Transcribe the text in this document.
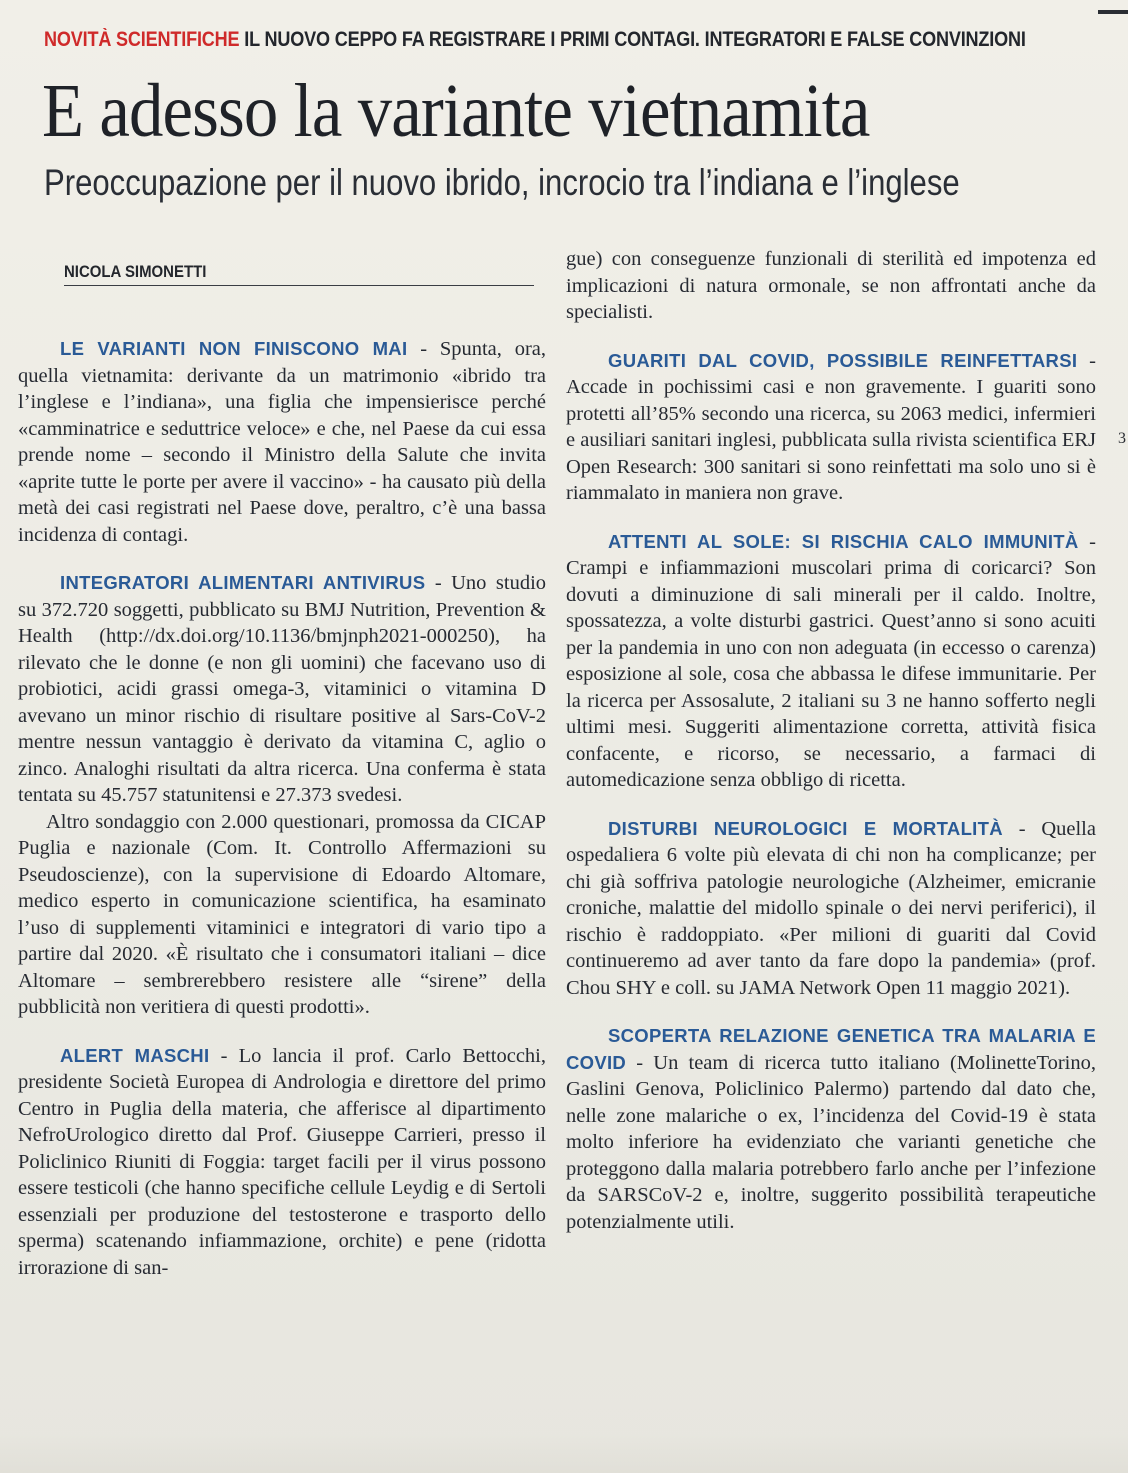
NOVITÀ SCIENTIFICHE IL NUOVO CEPPO FA REGISTRARE I PRIMI CONTAGI. INTEGRATORI E FALSE CONVINZIONI
E adesso la variante vietnamita
Preoccupazione per il nuovo ibrido, incrocio tra l’indiana e l’inglese
NICOLA SIMONETTI
3

LE VARIANTI NON FINISCONO MAI - Spunta, ora, quella vietnamita: derivante da un matrimonio «ibrido tra l’inglese e l’indiana», una figlia che impensierisce perché «camminatrice e seduttrice veloce» e che, nel Paese da cui essa prende nome – secondo il Ministro della Salute che invita «aprite tutte le porte per avere il vaccino» - ha causato più della metà dei casi registrati nel Paese dove, peraltro, c’è una bassa incidenza di contagi.

INTEGRATORI ALIMENTARI ANTIVIRUS - Uno studio su 372.720 soggetti, pubblicato su BMJ Nutrition, Prevention & Health (http://dx.doi.org/10.1136/bmjnph2021-000250), ha rilevato che le donne (e non gli uomini) che facevano uso di probiotici, acidi grassi omega-3, vitaminici o vitamina D avevano un minor rischio di risultare positive al Sars-CoV-2 mentre nessun vantaggio è derivato da vitamina C, aglio o zinco. Analoghi risultati da altra ricerca. Una conferma è stata tentata su 45.757 statunitensi e 27.373 svedesi.

Altro sondaggio con 2.000 questionari, promossa da CICAP Puglia e nazionale (Com. It. Controllo Affermazioni su Pseudoscienze), con la supervisione di Edoardo Altomare, medico esperto in comunicazione scientifica, ha esaminato l’uso di supplementi vitaminici e integratori di vario tipo a partire dal 2020. «È risultato che i consumatori italiani – dice Altomare – sembrerebbero resistere alle “sirene” della pubblicità non veritiera di questi prodotti».

ALERT MASCHI - Lo lancia il prof. Carlo Bettocchi, presidente Società Europea di Andrologia e direttore del primo Centro in Puglia della materia, che afferisce al dipartimento NefroUrologico diretto dal Prof. Giuseppe Carrieri, presso il Policlinico Riuniti di Foggia: target facili per il virus possono essere testicoli (che hanno specifiche cellule Leydig e di Sertoli essenziali per produzione del testosterone e trasporto dello sperma) scatenando infiammazione, orchite) e pene (ridotta irrorazione di san-

gue) con conseguenze funzionali di sterilità ed impotenza ed implicazioni di natura ormonale, se non affrontati anche da specialisti.

GUARITI DAL COVID, POSSIBILE REINFETTARSI - Accade in pochissimi casi e non gravemente. I guariti sono protetti all’85% secondo una ricerca, su 2063 medici, infermieri e ausiliari sanitari inglesi, pubblicata sulla rivista scientifica ERJ Open Research: 300 sanitari si sono reinfettati ma solo uno si è riammalato in maniera non grave.

ATTENTI AL SOLE: SI RISCHIA CALO IMMUNITÀ - Crampi e infiammazioni muscolari prima di coricarci? Son dovuti a diminuzione di sali minerali per il caldo. Inoltre, spossatezza, a volte disturbi gastrici. Quest’anno si sono acuiti per la pandemia in uno con non adeguata (in eccesso o carenza) esposizione al sole, cosa che abbassa le difese immunitarie. Per la ricerca per Assosalute, 2 italiani su 3 ne hanno sofferto negli ultimi mesi. Suggeriti alimentazione corretta, attività fisica confacente, e ricorso, se necessario, a farmaci di automedicazione senza obbligo di ricetta.

DISTURBI NEUROLOGICI E MORTALITÀ - Quella ospedaliera 6 volte più elevata di chi non ha complicanze; per chi già soffriva patologie neurologiche (Alzheimer, emicranie croniche, malattie del midollo spinale o dei nervi periferici), il rischio è raddoppiato. «Per milioni di guariti dal Covid continueremo ad aver tanto da fare dopo la pandemia» (prof. Chou SHY e coll. su JAMA Network Open 11 maggio 2021).

SCOPERTA RELAZIONE GENETICA TRA MALARIA E COVID - Un team di ricerca tutto italiano (MolinetteTorino, Gaslini Genova, Policlinico Palermo) partendo dal dato che, nelle zone malariche o ex, l’incidenza del Covid-19 è stata molto inferiore ha evidenziato che varianti genetiche che proteggono dalla malaria potrebbero farlo anche per l’infezione da SARSCoV-2 e, inoltre, suggerito possibilità terapeutiche potenzialmente utili.
